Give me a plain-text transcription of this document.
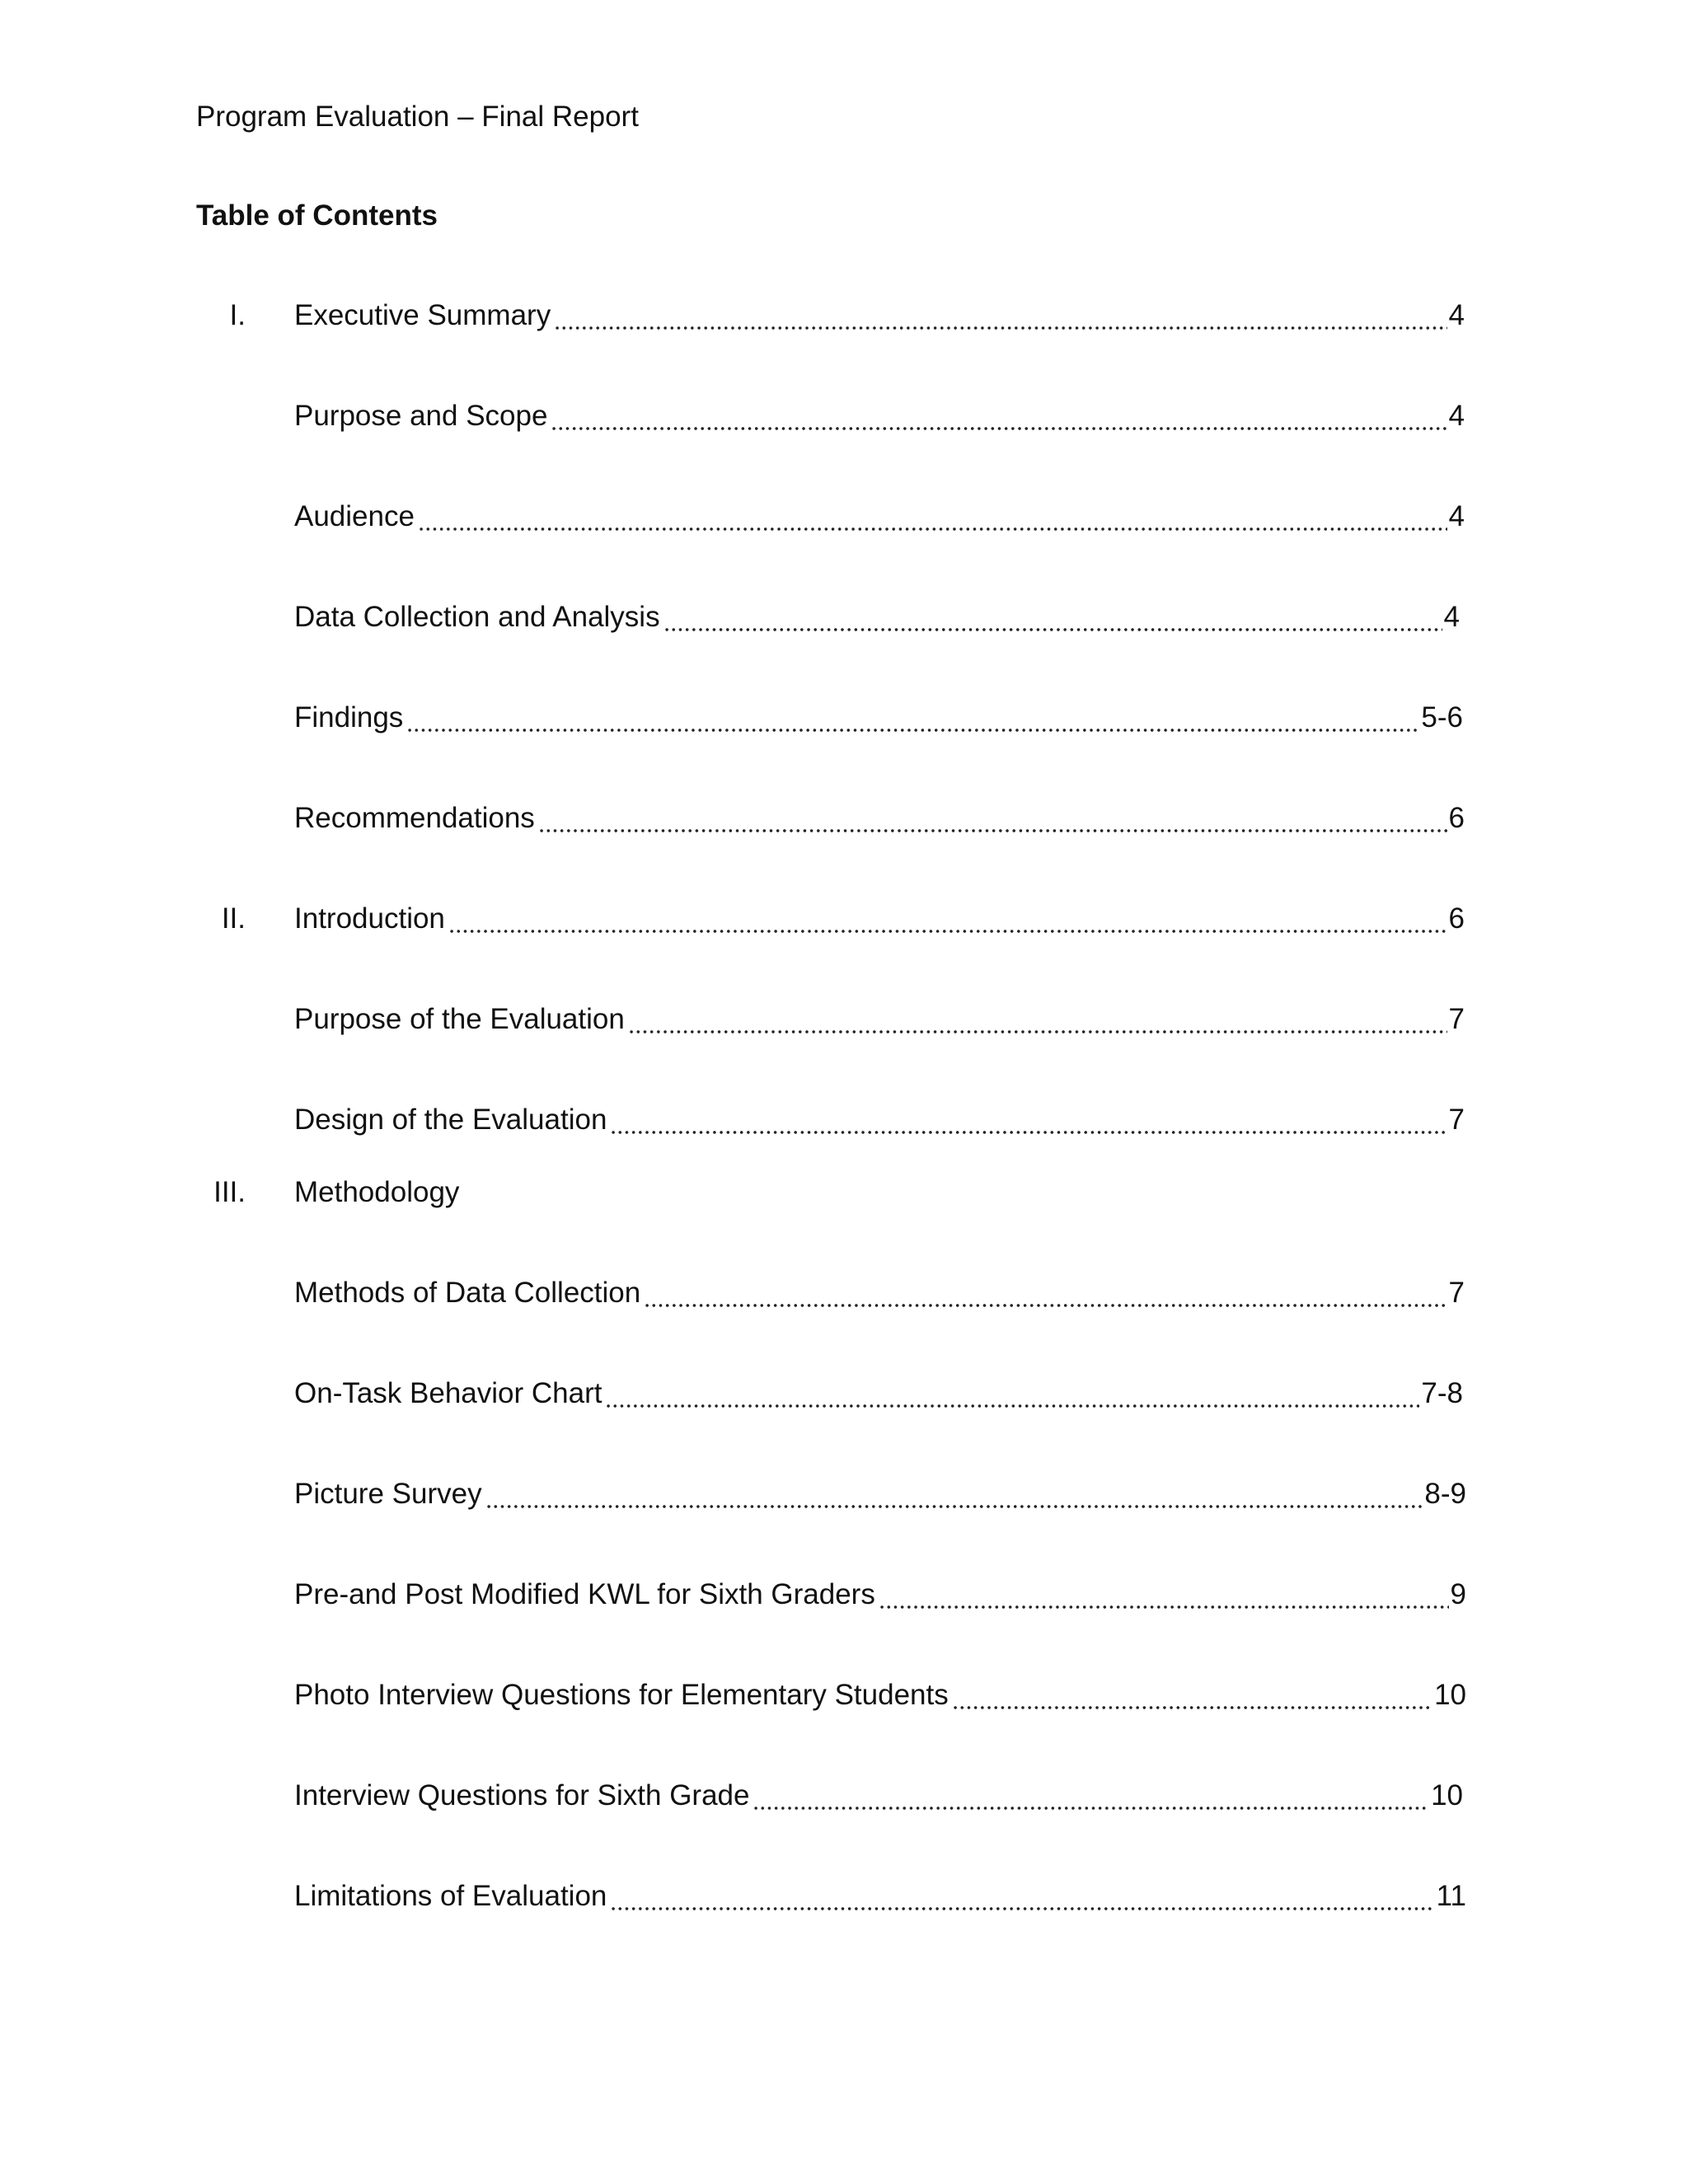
Program Evaluation – Final Report
Table of Contents
I. Executive Summary	4
Purpose and Scope	4
Audience	4
Data Collection and Analysis	4
Findings	5-6
Recommendations	6
II. Introduction	6
Purpose of the Evaluation	7
Design of the Evaluation	7
III. Methodology
Methods of Data Collection	7
On-Task Behavior Chart	7-8
Picture Survey	8-9
Pre-and Post Modified KWL for Sixth Graders	9
Photo Interview Questions for Elementary Students	10
Interview Questions for Sixth Grade	10
Limitations of Evaluation	11
